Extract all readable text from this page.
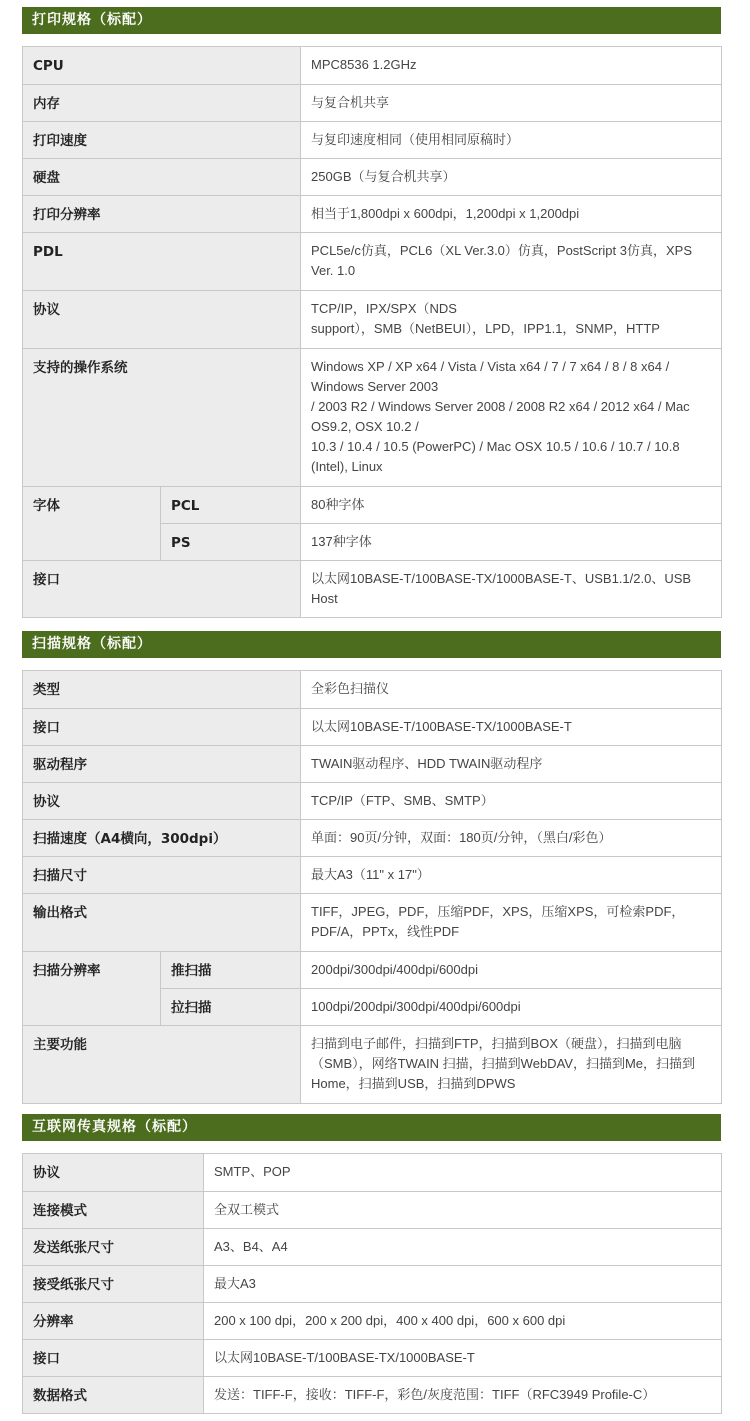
打印规格（标配）
CPU		MPC8536 1.2GHz
内存		与复合机共享
打印速度		与复印速度相同（使用相同原稿时）
硬盘		250GB（与复合机共享）
打印分辨率		相当于1,800dpi x 600dpi，1,200dpi x 1,200dpi
PDL		PCL5e/c仿真，PCL6（XL Ver.3.0）仿真，PostScript 3仿真，XPS Ver. 1.0
协议		TCP/IP，IPX/SPX（NDS
support），SMB（NetBEUI），LPD，IPP1.1，SNMP，HTTP
支持的操作系统		Windows XP / XP x64 / Vista / Vista x64 / 7 / 7 x64 / 8 / 8 x64 /
Windows Server 2003
/ 2003 R2 / Windows Server 2008 / 2008 R2 x64 / 2012 x64 / Mac OS9.2, OSX 10.2 /
10.3 / 10.4 / 10.5 (PowerPC) / Mac OSX 10.5 / 10.6 / 10.7 / 10.8 (Intel), Linux
字体	PCL	80种字体
	PS	137种字体
接口		以太网10BASE-T/100BASE-TX/1000BASE-T、USB1.1/2.0、USB Host
扫描规格（标配）
类型		全彩色扫描仪
接口		以太网10BASE-T/100BASE-TX/1000BASE-T
驱动程序		TWAIN驱动程序、HDD TWAIN驱动程序
协议		TCP/IP（FTP、SMB、SMTP）
扫描速度（A4横向，300dpi）		单面：90页/分钟，双面：180页/分钟，（黑白/彩色）
扫描尺寸		最大A3（11" x 17"）
输出格式		TIFF，JPEG，PDF，压缩PDF，XPS，压缩XPS，可检索PDF，PDF/A，PPTx，线性PDF
扫描分辨率	推扫描	200dpi/300dpi/400dpi/600dpi
	拉扫描	100dpi/200dpi/300dpi/400dpi/600dpi
主要功能		扫描到电子邮件，扫描到FTP，扫描到BOX（硬盘），扫描到电脑（SMB），网络TWAIN 扫描，扫描到WebDAV，扫描到Me，扫描到Home，扫描到USB，扫描到DPWS
互联网传真规格（标配）
协议	SMTP、POP
连接模式	全双工模式
发送纸张尺寸	A3、B4、A4
接受纸张尺寸	最大A3
分辨率	200 x 100 dpi，200 x 200 dpi，400 x 400 dpi，600 x 600 dpi
接口	以太网10BASE-T/100BASE-TX/1000BASE-T
数据格式	发送：TIFF-F，接收：TIFF-F，彩色/灰度范围：TIFF（RFC3949 Profile-C）
